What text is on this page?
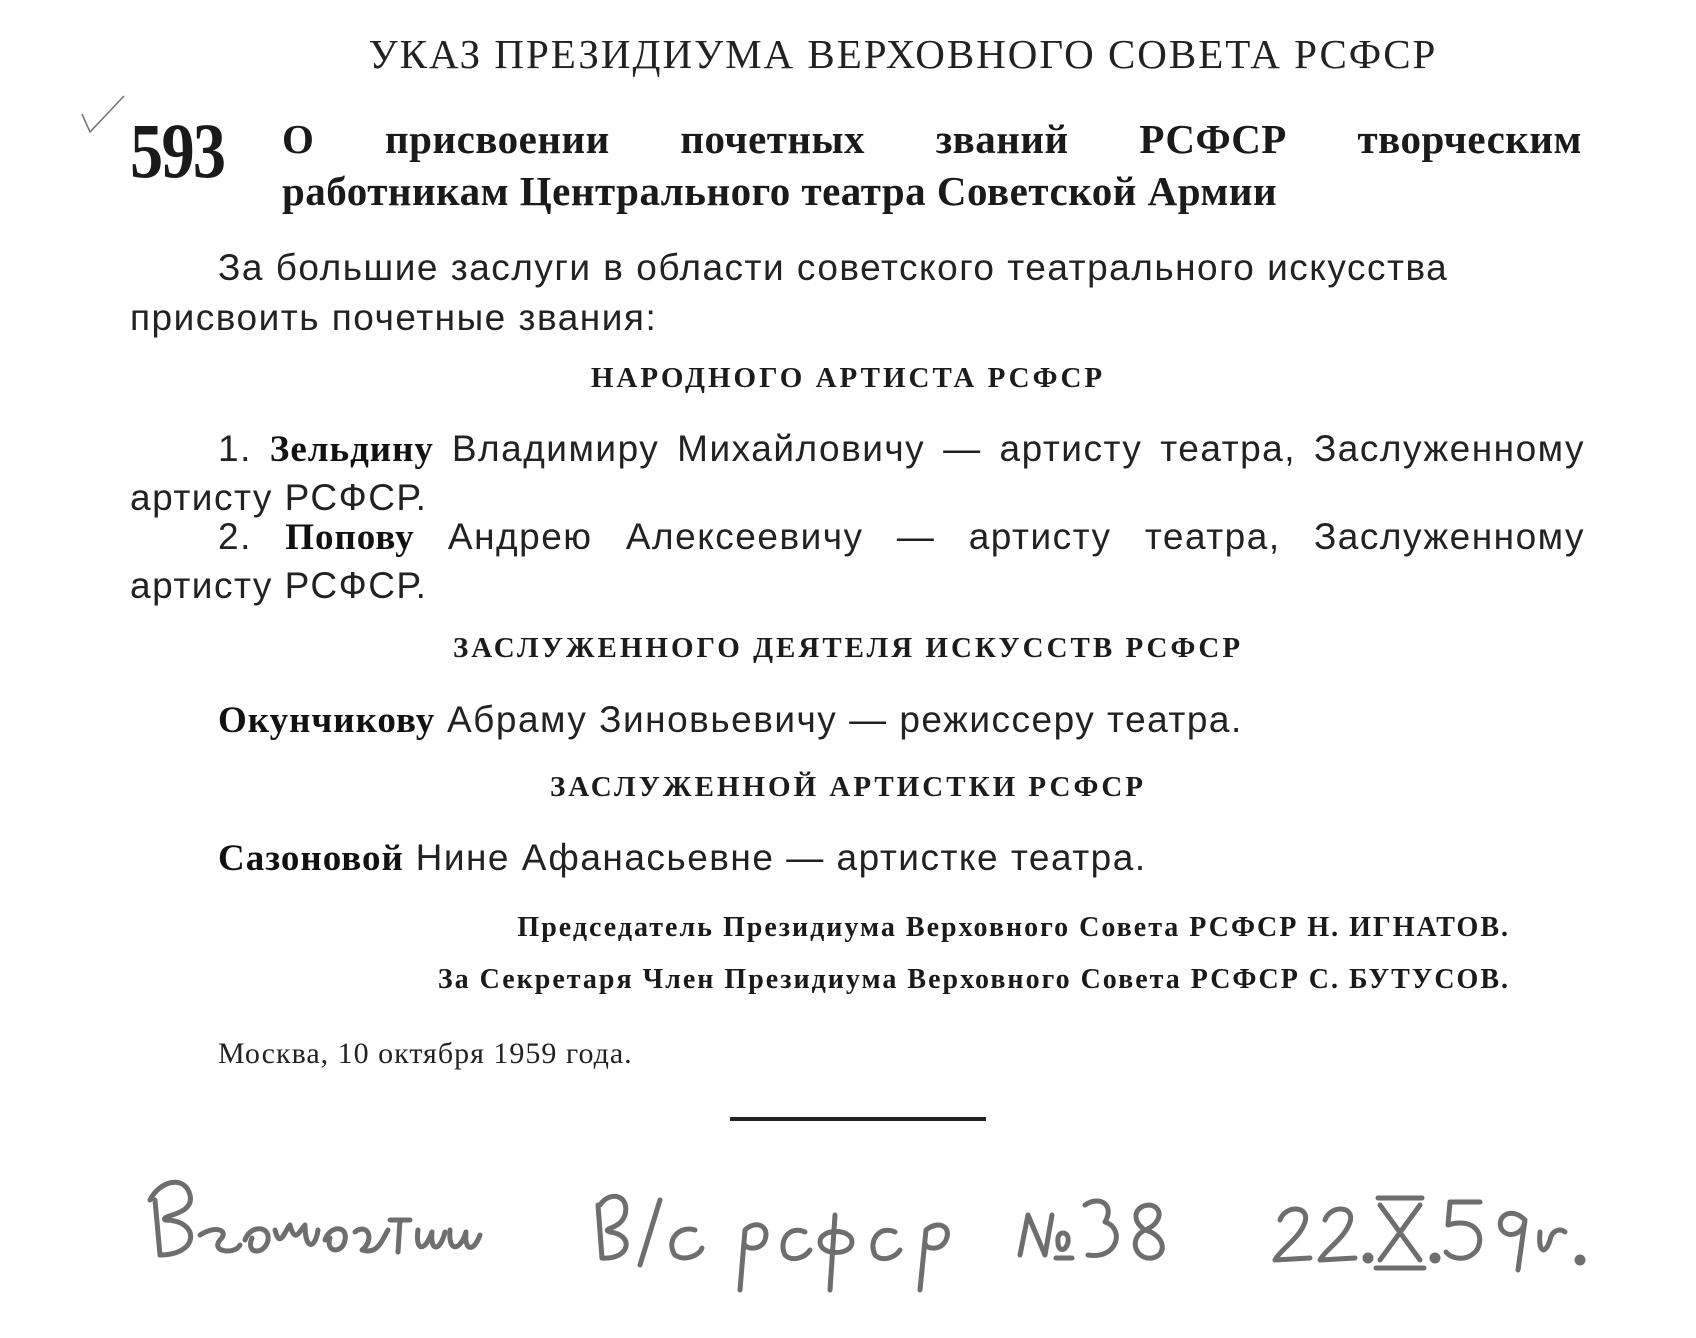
УКАЗ ПРЕЗИДИУМА ВЕРХОВНОГО СОВЕТА РСФСР
593 О присвоении почетных званий РСФСР творческим
работникам Центрального театра Советской Армии
За большие заслуги в области советского театрального искусства присвоить почетные звания:
НАРОДНОГО АРТИСТА РСФСР
1. Зельдину Владимиру Михайловичу — артисту театра, Заслуженному артисту РСФСР.
2. Попову Андрею Алексеевичу — артисту театра, Заслуженному артисту РСФСР.
ЗАСЛУЖЕННОГО ДЕЯТЕЛЯ ИСКУССТВ РСФСР
Окунчикову Абраму Зиновьевичу — режиссеру театра.
ЗАСЛУЖЕННОЙ АРТИСТКИ РСФСР
Сазоновой Нине Афанасьевне — артистке театра.
Председатель Президиума Верховного Совета РСФСР Н. ИГНАТОВ.
За Секретаря Член Президиума Верховного Совета РСФСР С. БУТУСОВ.
Москва, 10 октября 1959 года.
